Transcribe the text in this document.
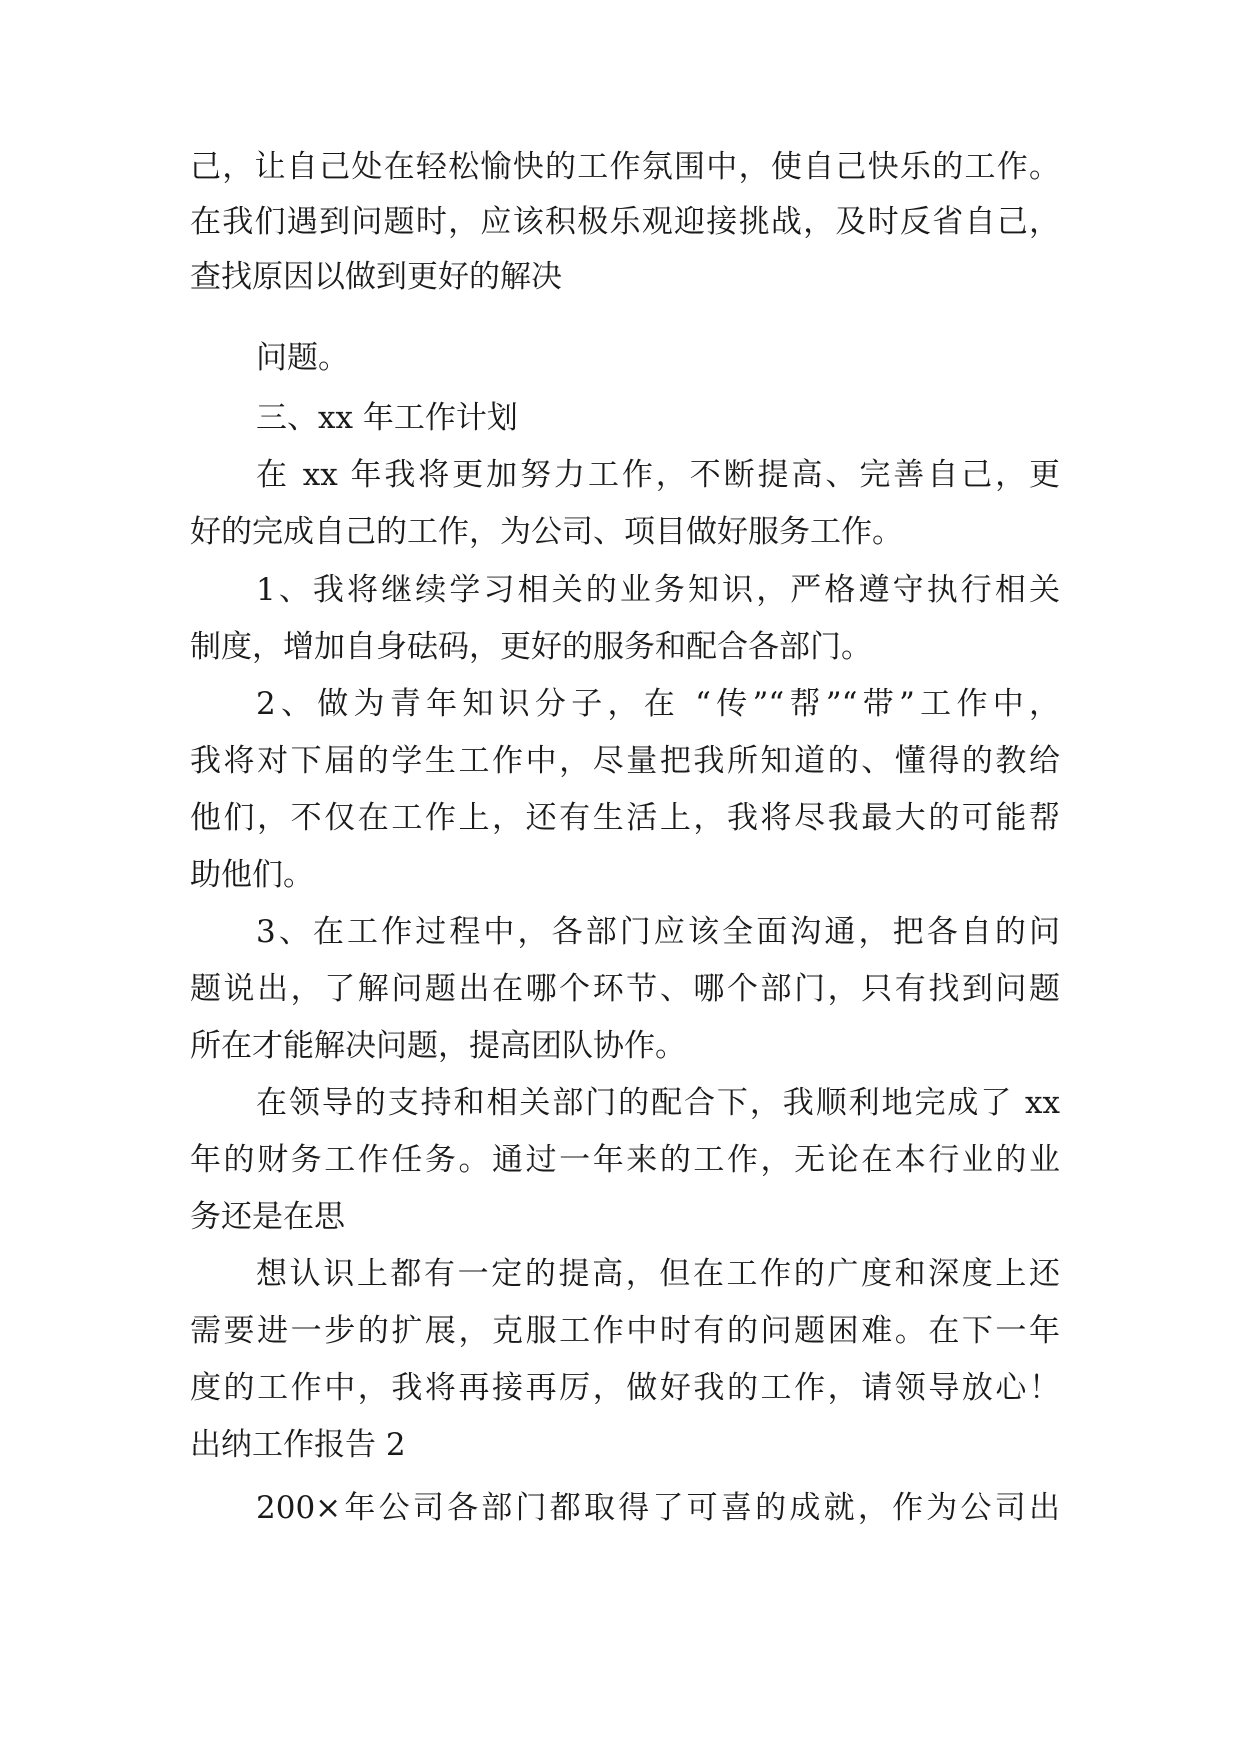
己，让自己处在轻松愉快的工作氛围中，使自己快乐的工作。
在我们遇到问题时，应该积极乐观迎接挑战，及时反省自己，
查找原因以做到更好的解决
问题。
三、xx 年工作计划
在 xx 年我将更加努力工作，不断提高、完善自己，更
好的完成自己的工作，为公司、项目做好服务工作。
1、我将继续学习相关的业务知识，严格遵守执行相关
制度，增加自身砝码，更好的服务和配合各部门。
2、做为青年知识分子，在 “传”“帮”“带”工作中，
我将对下届的学生工作中，尽量把我所知道的、懂得的教给
他们，不仅在工作上，还有生活上，我将尽我最大的可能帮
助他们。
3、在工作过程中，各部门应该全面沟通，把各自的问
题说出，了解问题出在哪个环节、哪个部门，只有找到问题
所在才能解决问题，提高团队协作。
在领导的支持和相关部门的配合下，我顺利地完成了 xx
年的财务工作任务。通过一年来的工作，无论在本行业的业
务还是在思
想认识上都有一定的提高，但在工作的广度和深度上还
需要进一步的扩展，克服工作中时有的问题困难。在下一年
度的工作中，我将再接再厉，做好我的工作，请领导放心！
出纳工作报告 2
200×年公司各部门都取得了可喜的成就，作为公司出
